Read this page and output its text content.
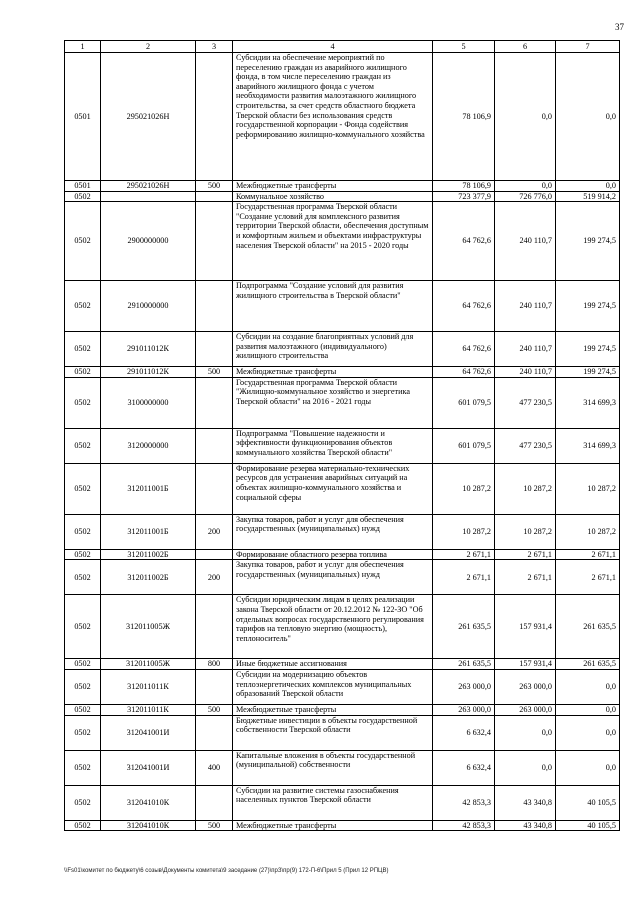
37
1	2	3	4	5	6	7
0501	295021026Н		Субсидии на обеспечение мероприятий по переселению граждан из аварийного жилищного фонда, в том числе переселению граждан из аварийного жилищного фонда с учетом необходимости развития малоэтажного жилищного строительства, за счет средств областного бюджета Тверской области без использования средств государственной корпорации - Фонда содействия реформированию жилищно-коммунального хозяйства	78 106,9	0,0	0,0
0501	295021026Н	500	Межбюджетные трансферты	78 106,9	0,0	0,0
0502			Коммунальное хозяйство	723 377,9	726 776,0	519 914,2
0502	2900000000		Государственная программа Тверской области "Создание условий для комплексного развития территории Тверской области, обеспечения доступным и комфортным жильем и объектами инфраструктуры населения Тверской области" на 2015 - 2020 годы	64 762,6	240 110,7	199 274,5
0502	2910000000		Подпрограмма "Создание условий для развития жилищного строительства в Тверской области"	64 762,6	240 110,7	199 274,5
0502	291011012К		Субсидии на создание благоприятных условий для развития малоэтажного (индивидуального) жилищного строительства	64 762,6	240 110,7	199 274,5
0502	291011012К	500	Межбюджетные трансферты	64 762,6	240 110,7	199 274,5
0502	3100000000		Государственная программа Тверской области "Жилищно-коммунальное хозяйство и энергетика Тверской области" на 2016 - 2021 годы	601 079,5	477 230,5	314 699,3
0502	3120000000		Подпрограмма "Повышение надежности и эффективности функционирования объектов коммунального хозяйства Тверской области"	601 079,5	477 230,5	314 699,3
0502	312011001Б		Формирование резерва материально-технических ресурсов для устранения аварийных ситуаций на объектах жилищно-коммунального хозяйства и социальной сферы	10 287,2	10 287,2	10 287,2
0502	312011001Б	200	Закупка товаров, работ и услуг для обеспечения государственных (муниципальных) нужд	10 287,2	10 287,2	10 287,2
0502	312011002Б		Формирование областного резерва топлива	2 671,1	2 671,1	2 671,1
0502	312011002Б	200	Закупка товаров, работ и услуг для обеспечения государственных (муниципальных) нужд	2 671,1	2 671,1	2 671,1
0502	312011005Ж		Субсидии юридическим лицам в целях реализации закона Тверской области от 20.12.2012 № 122-ЗО "Об отдельных вопросах государственного регулирования тарифов на тепловую энергию (мощность), теплоноситель"	261 635,5	157 931,4	261 635,5
0502	312011005Ж	800	Иные бюджетные ассигнования	261 635,5	157 931,4	261 635,5
0502	312011011К		Субсидии на модернизацию объектов теплоэнергетических комплексов муниципальных образований Тверской области	263 000,0	263 000,0	0,0
0502	312011011К	500	Межбюджетные трансферты	263 000,0	263 000,0	0,0
0502	312041001И		Бюджетные инвестиции в объекты государственной собственности Тверской области	6 632,4	0,0	0,0
0502	312041001И	400	Капитальные вложения в объекты государственной (муниципальной) собственности	6 632,4	0,0	0,0
0502	312041010К		Субсидии на развитие системы газоснабжения населенных пунктов Тверской области	42 853,3	43 340,8	40 105,5
0502	312041010К	500	Межбюджетные трансферты	42 853,3	43 340,8	40 105,5
\\Fs01\комитет по бюджету\6 созыв\Документы комитета\9 заседание (27)\прЗ\пр(9) 172-П-6\Прил 5 (Прил 12 РПЦВ)
